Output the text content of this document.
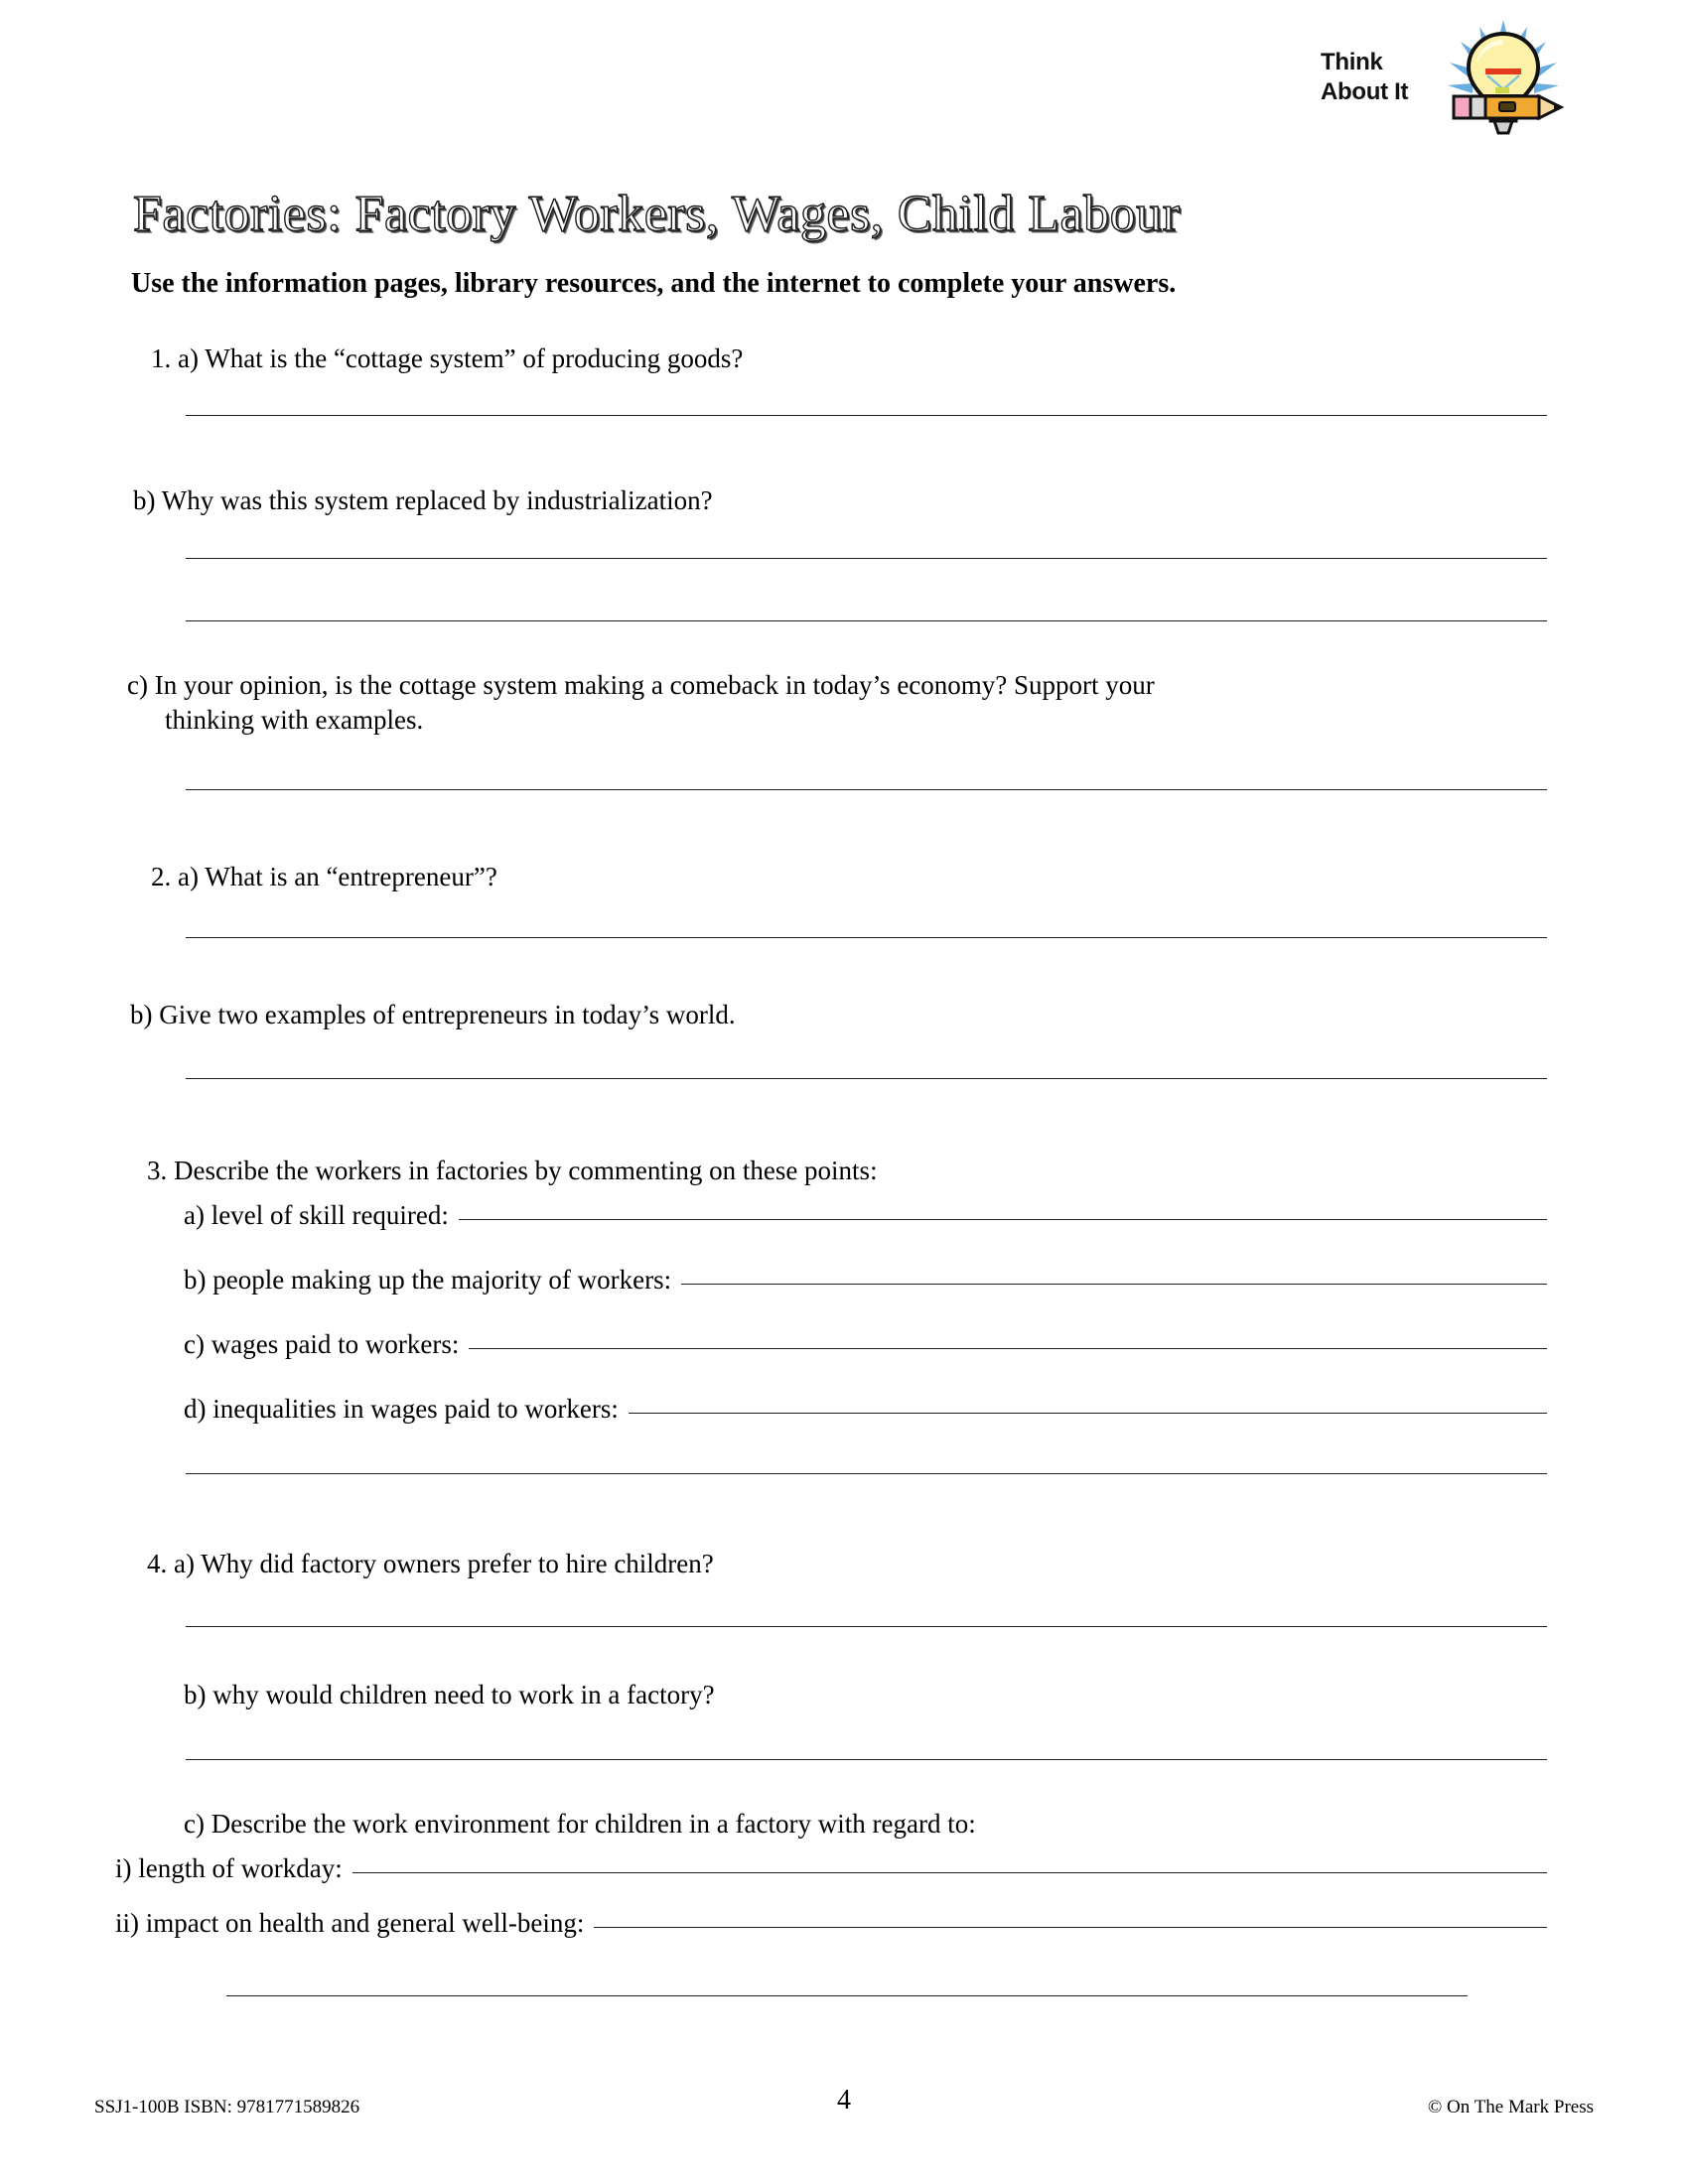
Think
About It
Factories: Factory Workers, Wages, Child Labour
Use the information pages, library resources, and the internet to complete your answers.
1. a) What is the “cottage system” of producing goods?
b) Why was this system replaced by industrialization?
c) In your opinion, is the cottage system making a comeback in today’s economy? Support your
thinking with examples.
2. a) What is an “entrepreneur”?
b) Give two examples of entrepreneurs in today’s world.
3. Describe the workers in factories by commenting on these points:
a) level of skill required:
b) people making up the majority of workers:
c) wages paid to workers:
d) inequalities in wages paid to workers:
4. a) Why did factory owners prefer to hire children?
b) why would children need to work in a factory?
c) Describe the work environment for children in a factory with regard to:
i) length of workday:
ii) impact on health and general well-being:
SSJ1-100B ISBN: 9781771589826	4	© On The Mark Press
